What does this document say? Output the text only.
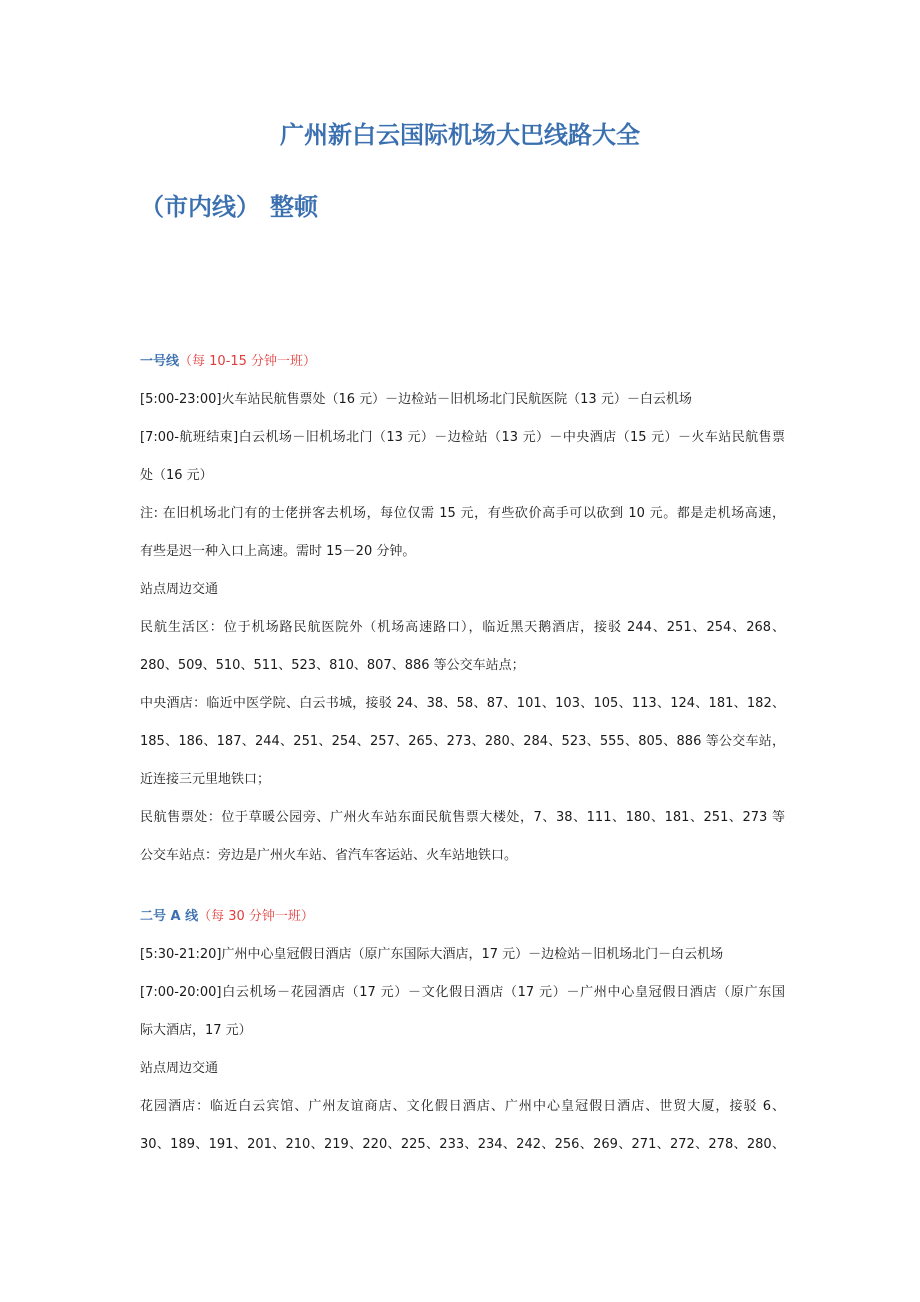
广州新白云国际机场大巴线路大全
（市内线） 整顿
一号线（每 10-15 分钟一班）
[5:00-23:00]火车站民航售票处（16 元）－边检站－旧机场北门民航医院（13 元）－白云机场
[7:00-航班结束]白云机场－旧机场北门（13 元）－边检站（13 元）－中央酒店（15 元）－火车站民航售票
处（16 元）
注: 在旧机场北门有的士佬拼客去机场，每位仅需 15 元，有些砍价高手可以砍到 10 元。都是走机场高速，
有些是迟一种入口上高速。需时 15－20 分钟。
站点周边交通
民航生活区：位于机场路民航医院外（机场高速路口），临近黑天鹅酒店，接驳 244、251、254、268、
280、509、510、511、523、810、807、886 等公交车站点；
中央酒店：临近中医学院、白云书城，接驳 24、38、58、87、101、103、105、113、124、181、182、
185、186、187、244、251、254、257、265、273、280、284、523、555、805、886 等公交车站，
近连接三元里地铁口；
民航售票处：位于草暖公园旁、广州火车站东面民航售票大楼处，7、38、111、180、181、251、273 等
公交车站点：旁边是广州火车站、省汽车客运站、火车站地铁口。
二号 A 线（每 30 分钟一班）
[5:30-21:20]广州中心皇冠假日酒店（原广东国际大酒店，17 元）－边检站－旧机场北门－白云机场
[7:00-20:00]白云机场－花园酒店（17 元）－文化假日酒店（17 元）－广州中心皇冠假日酒店（原广东国
际大酒店，17 元）
站点周边交通
花园酒店：临近白云宾馆、广州友谊商店、文化假日酒店、广州中心皇冠假日酒店、世贸大厦，接驳 6、
30、189、191、201、210、219、220、225、233、234、242、256、269、271、272、278、280、
